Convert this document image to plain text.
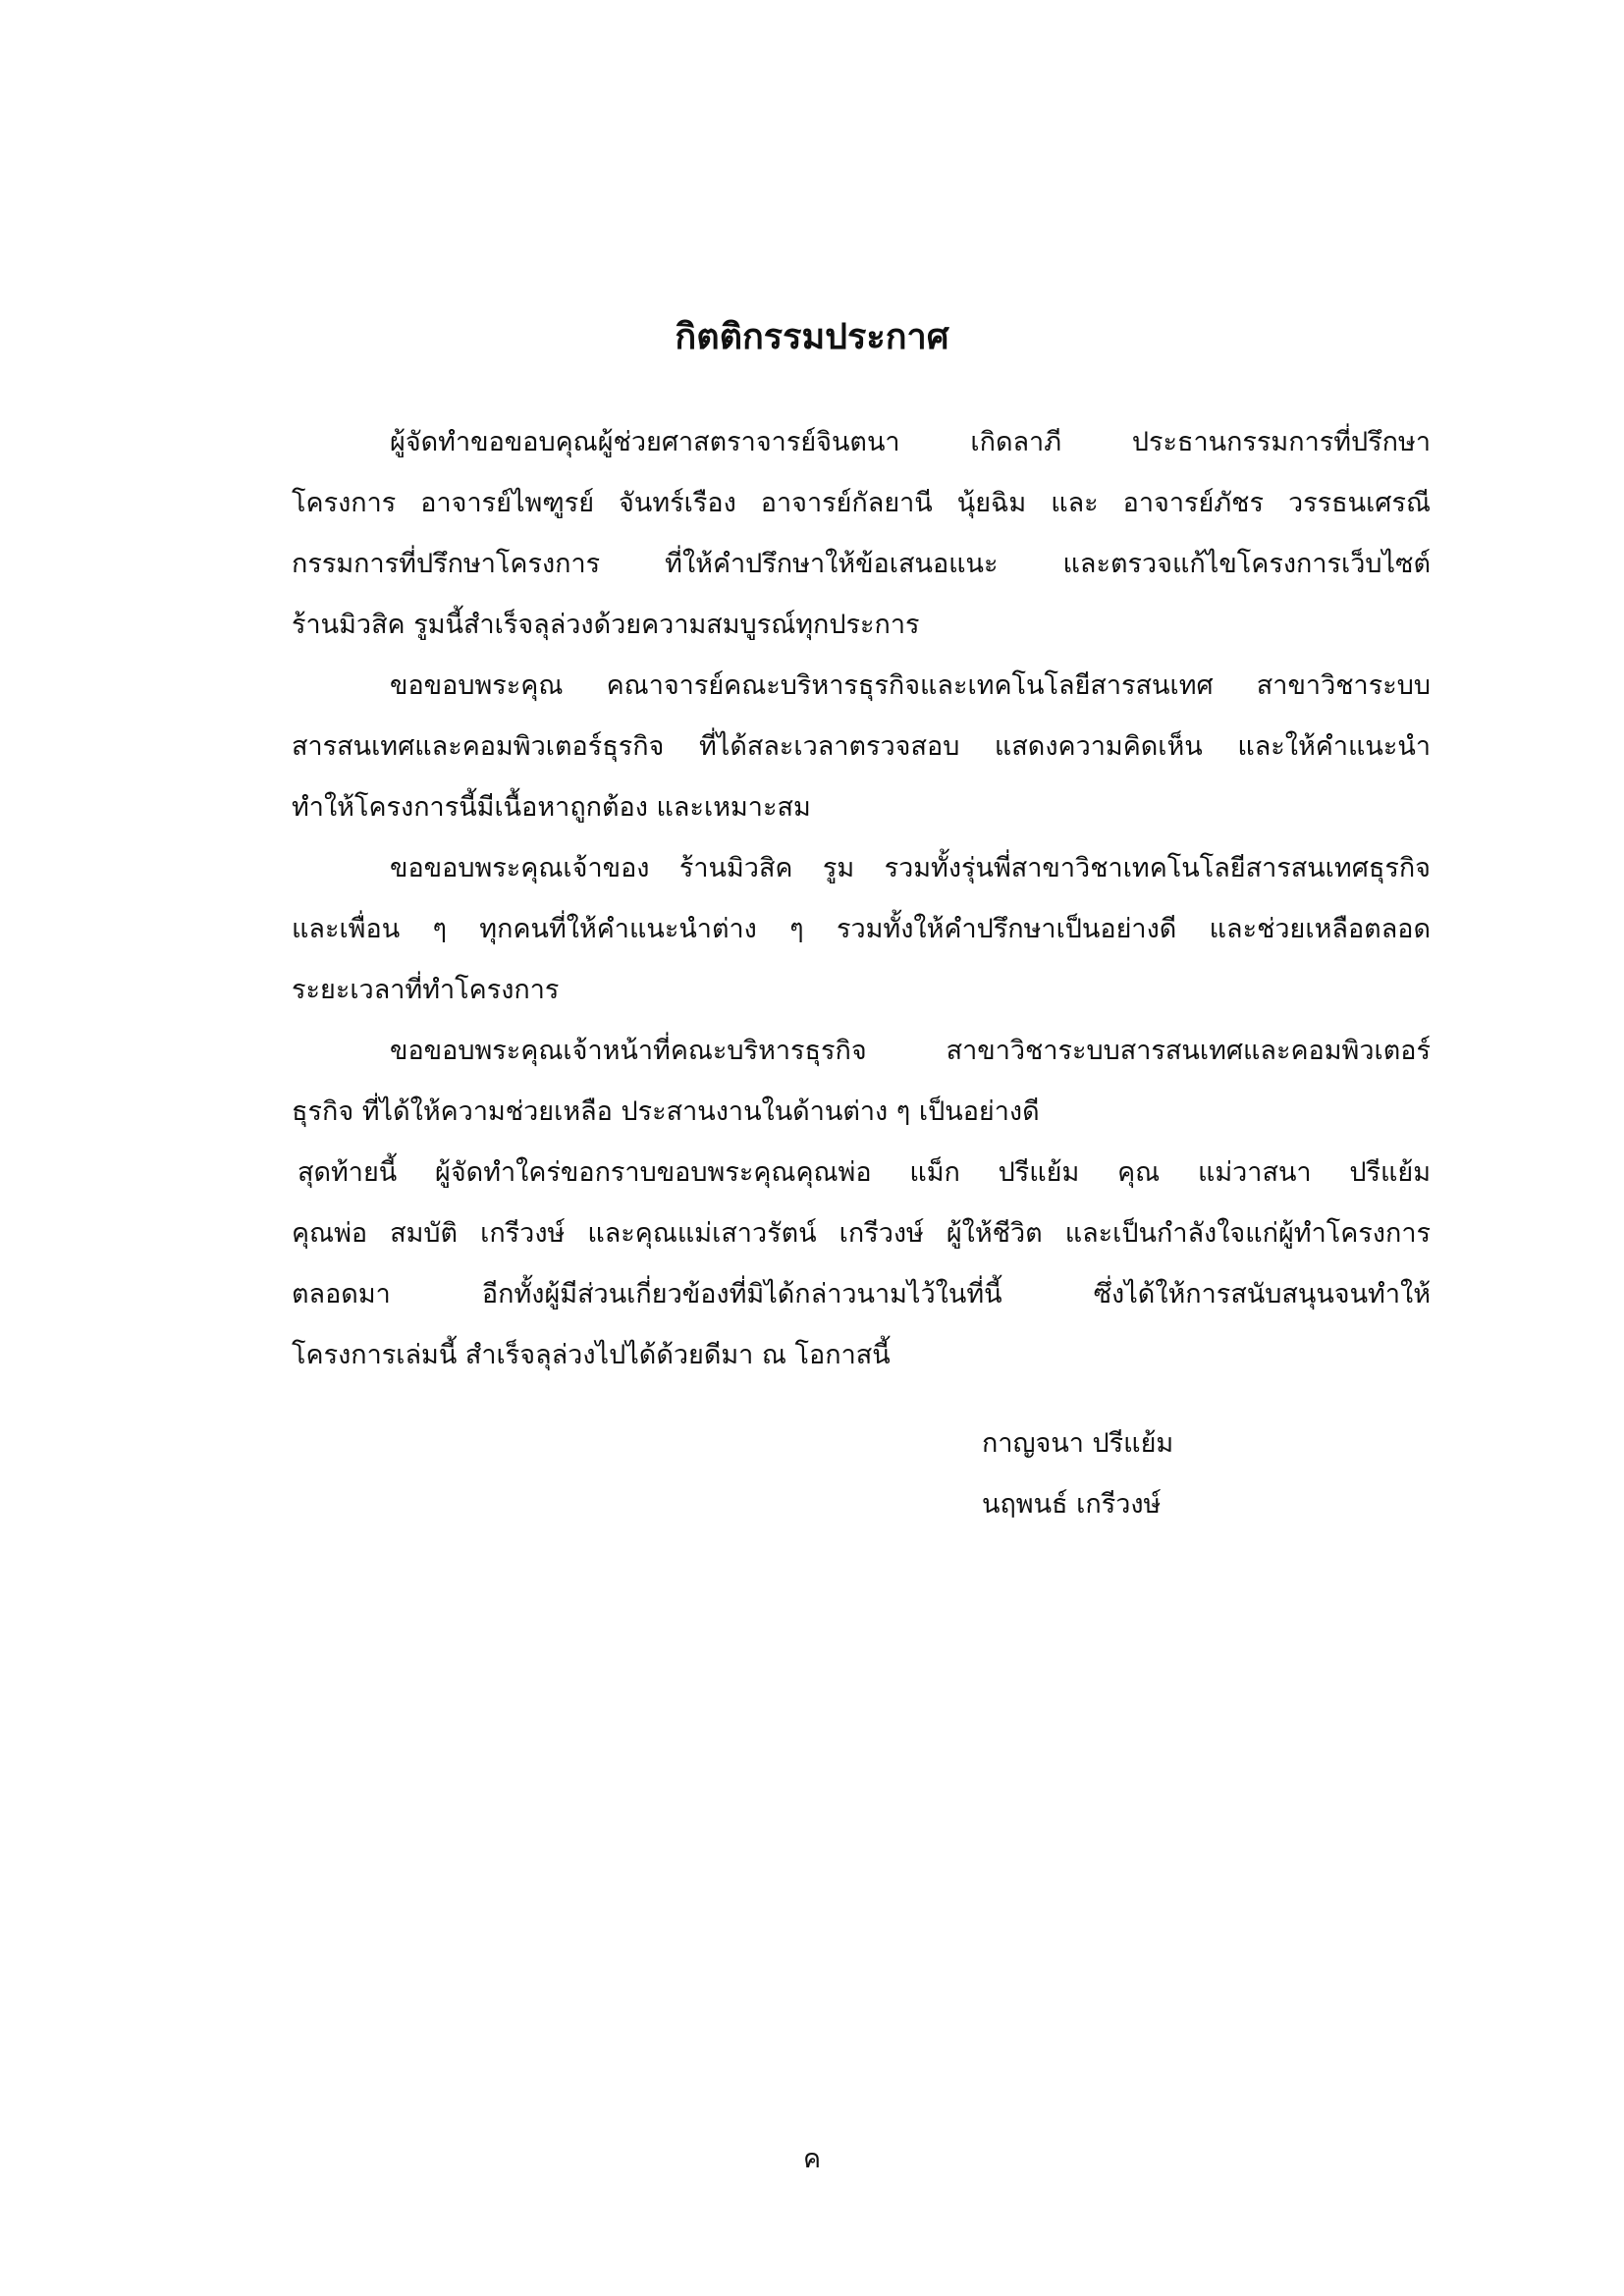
กิตติกรรมประกาศ
ผู้จัดทำขอขอบคุณผู้ช่วยศาสตราจารย์จินตนา เกิดลาภี ประธานกรรมการที่ปรึกษา
โครงการ อาจารย์ไพฑูรย์ จันทร์เรือง อาจารย์กัลยานี นุ้ยฉิม และ อาจารย์ภัชร วรรธนเศรณี
กรรมการที่ปรึกษาโครงการ ที่ให้คำปรึกษาให้ข้อเสนอแนะ และตรวจแก้ไขโครงการเว็บไซต์
ร้านมิวสิค รูมนี้สำเร็จลุล่วงด้วยความสมบูรณ์ทุกประการ
ขอขอบพระคุณ คณาจารย์คณะบริหารธุรกิจและเทคโนโลยีสารสนเทศ สาขาวิชาระบบ
สารสนเทศและคอมพิวเตอร์ธุรกิจ ที่ได้สละเวลาตรวจสอบ แสดงความคิดเห็น และให้คำแนะนำ
ทำให้โครงการนี้มีเนื้อหาถูกต้อง และเหมาะสม
ขอขอบพระคุณเจ้าของ ร้านมิวสิค รูม รวมทั้งรุ่นพี่สาขาวิชาเทคโนโลยีสารสนเทศธุรกิจ
และเพื่อน ๆ ทุกคนที่ให้คำแนะนำต่าง ๆ รวมทั้งให้คำปรึกษาเป็นอย่างดี และช่วยเหลือตลอด
ระยะเวลาที่ทำโครงการ
ขอขอบพระคุณเจ้าหน้าที่คณะบริหารธุรกิจ สาขาวิชาระบบสารสนเทศและคอมพิวเตอร์
ธุรกิจ ที่ได้ให้ความช่วยเหลือ ประสานงานในด้านต่าง ๆ เป็นอย่างดี
สุดท้ายนี้ ผู้จัดทำใคร่ขอกราบขอบพระคุณคุณพ่อ แม็ก ปรีแย้ม คุณ แม่วาสนา ปรีแย้ม
คุณพ่อ สมบัติ เกรีวงษ์ และคุณแม่เสาวรัตน์ เกรีวงษ์ ผู้ให้ชีวิต และเป็นกำลังใจแก่ผู้ทำโครงการ
ตลอดมา อีกทั้งผู้มีส่วนเกี่ยวข้องที่มิได้กล่าวนามไว้ในที่นี้ ซึ่งได้ให้การสนับสนุนจนทำให้
โครงการเล่มนี้ สำเร็จลุล่วงไปได้ด้วยดีมา ณ โอกาสนี้
กาญจนา ปรีแย้ม
นฤพนธ์ เกรีวงษ์
ค
